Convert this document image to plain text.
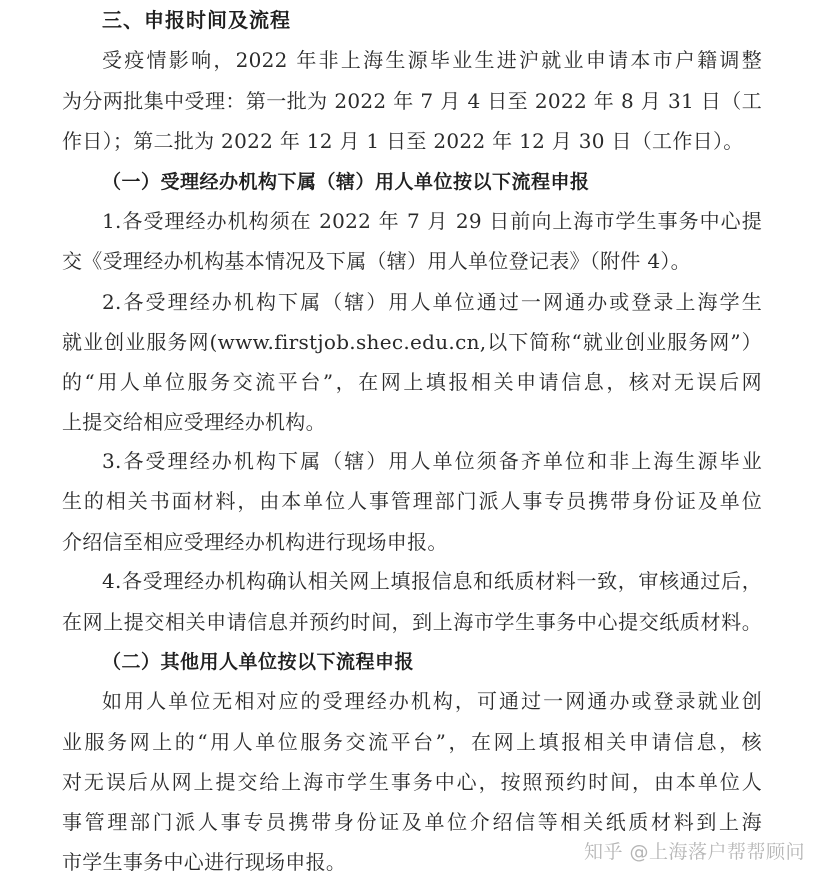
三、申报时间及流程
受疫情影响，2022 年非上海生源毕业生进沪就业申请本市户籍调整
为分两批集中受理：第一批为 2022 年 7 月 4 日至 2022 年 8 月 31 日（工
作日）；第二批为 2022 年 12 月 1 日至 2022 年 12 月 30 日（工作日）。
（一）受理经办机构下属（辖）用人单位按以下流程申报
1.各受理经办机构须在 2022 年 7 月 29 日前向上海市学生事务中心提
交《受理经办机构基本情况及下属（辖）用人单位登记表》（附件 4）。
2.各受理经办机构下属（辖）用人单位通过一网通办或登录上海学生
就业创业服务网(www.firstjob.shec.edu.cn,以下简称“就业创业服务网”）
的“用人单位服务交流平台”，在网上填报相关申请信息，核对无误后网
上提交给相应受理经办机构。
3.各受理经办机构下属（辖）用人单位须备齐单位和非上海生源毕业
生的相关书面材料，由本单位人事管理部门派人事专员携带身份证及单位
介绍信至相应受理经办机构进行现场申报。
4.各受理经办机构确认相关网上填报信息和纸质材料一致，审核通过后，
在网上提交相关申请信息并预约时间，到上海市学生事务中心提交纸质材料。
（二）其他用人单位按以下流程申报
如用人单位无相对应的受理经办机构，可通过一网通办或登录就业创
业服务网上的“用人单位服务交流平台”，在网上填报相关申请信息，核
对无误后从网上提交给上海市学生事务中心，按照预约时间，由本单位人
事管理部门派人事专员携带身份证及单位介绍信等相关纸质材料到上海
市学生事务中心进行现场申报。	知乎 @上海落户帮帮顾问
